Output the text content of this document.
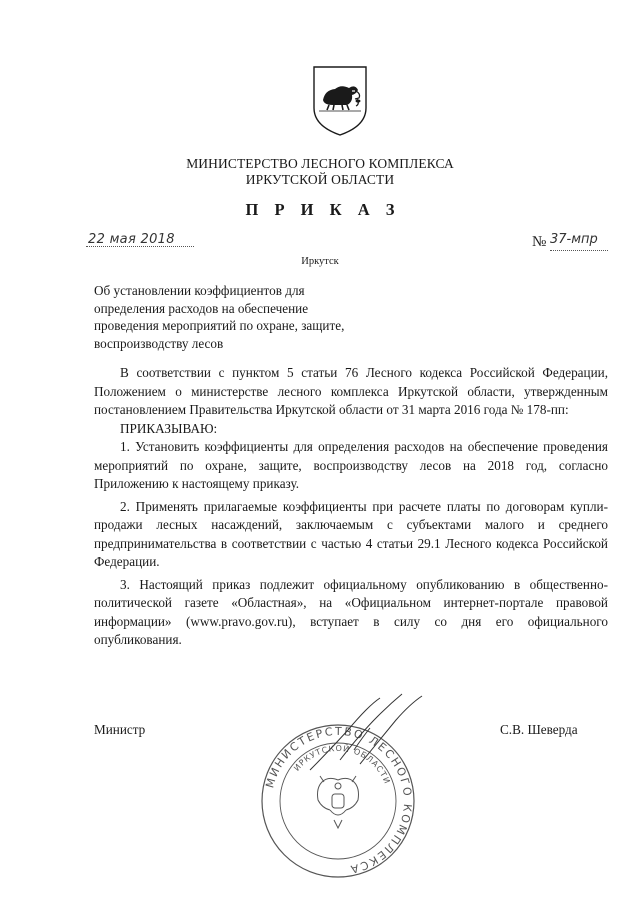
МИНИСТЕРСТВО ЛЕСНОГО КОМПЛЕКСА
ИРКУТСКОЙ ОБЛАСТИ
П Р И К А З
22 мая 2018
Иркутск
№ 37-мпр
Об установлении коэффициентов для определения расходов на обеспечение проведения мероприятий по охране, защите, воспроизводству лесов

В соответствии с пунктом 5 статьи 76 Лесного кодекса Российской Федерации, Положением о министерстве лесного комплекса Иркутской области, утвержденным постановлением Правительства Иркутской области от 31 марта 2016 года № 178-пп:

ПРИКАЗЫВАЮ:

1. Установить коэффициенты для определения расходов на обеспечение проведения мероприятий по охране, защите, воспроизводству лесов на 2018 год, согласно Приложению к настоящему приказу.

2. Применять прилагаемые коэффициенты при расчете платы по договорам купли-продажи лесных насаждений, заключаемым с субъектами малого и среднего предпринимательства в соответствии с частью 4 статьи 29.1 Лесного кодекса Российской Федерации.

3. Настоящий приказ подлежит официальному опубликованию в общественно-политической газете «Областная», на «Официальном интернет-портале правовой информации» (www.pravo.gov.ru), вступает в силу со дня его официального опубликования.

МИНИСТЕРСТВО ЛЕСНОГО КОМПЛЕКСА
ИРКУТСКОЙ ОБЛАСТИ
Министр	С.В. Шеверда
